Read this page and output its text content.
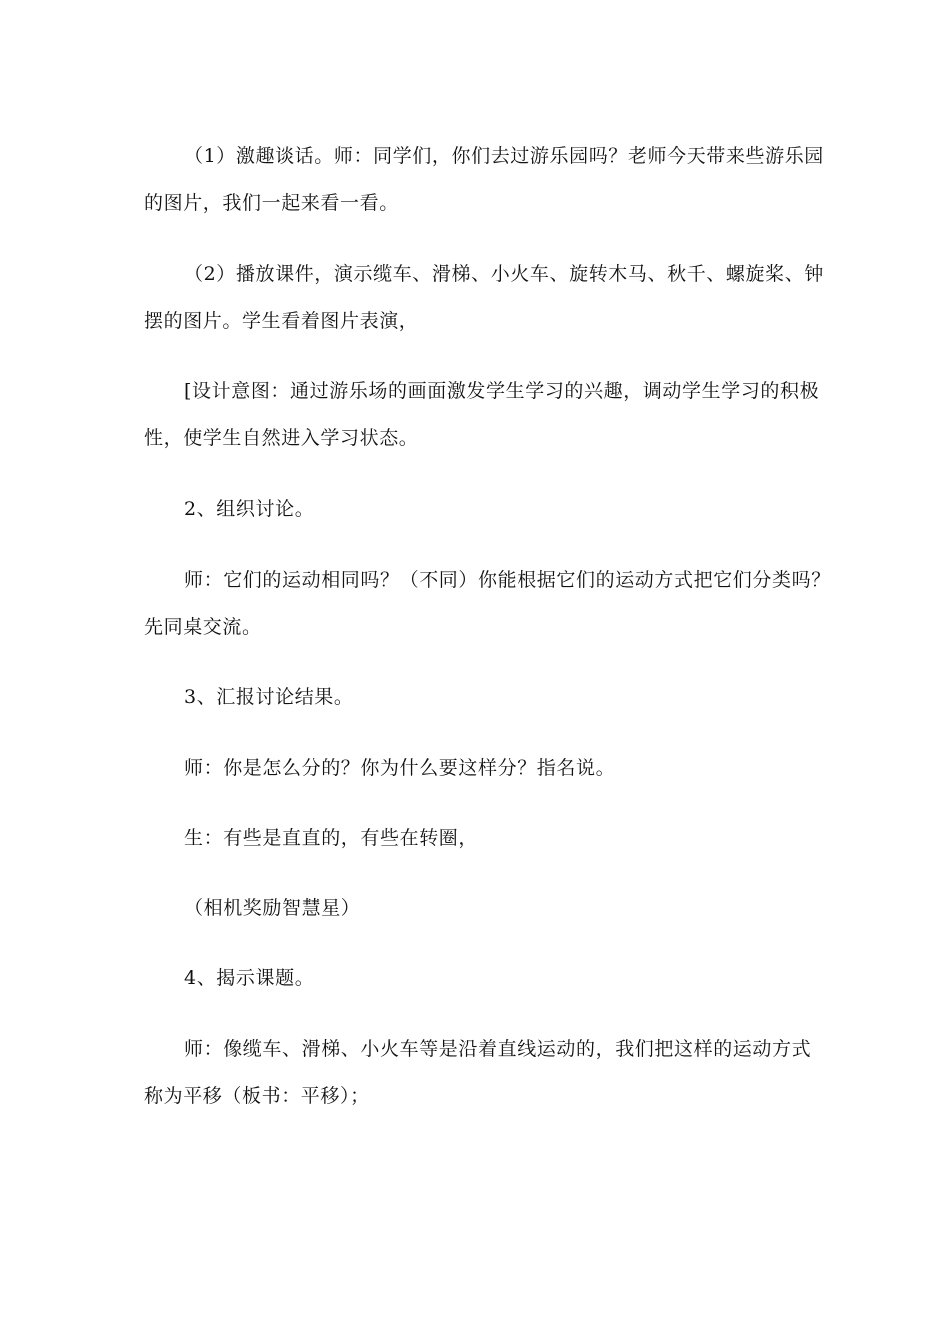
（1）激趣谈话。师：同学们，你们去过游乐园吗？老师今天带来些游乐园
的图片，我们一起来看一看。
（2）播放课件，演示缆车、滑梯、小火车、旋转木马、秋千、螺旋桨、钟
摆的图片。学生看着图片表演，
[设计意图：通过游乐场的画面激发学生学习的兴趣，调动学生学习的积极
性，使学生自然进入学习状态。
2、组织讨论。
师：它们的运动相同吗？（不同）你能根据它们的运动方式把它们分类吗？
先同桌交流。
3、汇报讨论结果。
师：你是怎么分的？你为什么要这样分？指名说。
生：有些是直直的，有些在转圈，
（相机奖励智慧星）
4、揭示课题。
师：像缆车、滑梯、小火车等是沿着直线运动的，我们把这样的运动方式
称为平移（板书：平移）；
